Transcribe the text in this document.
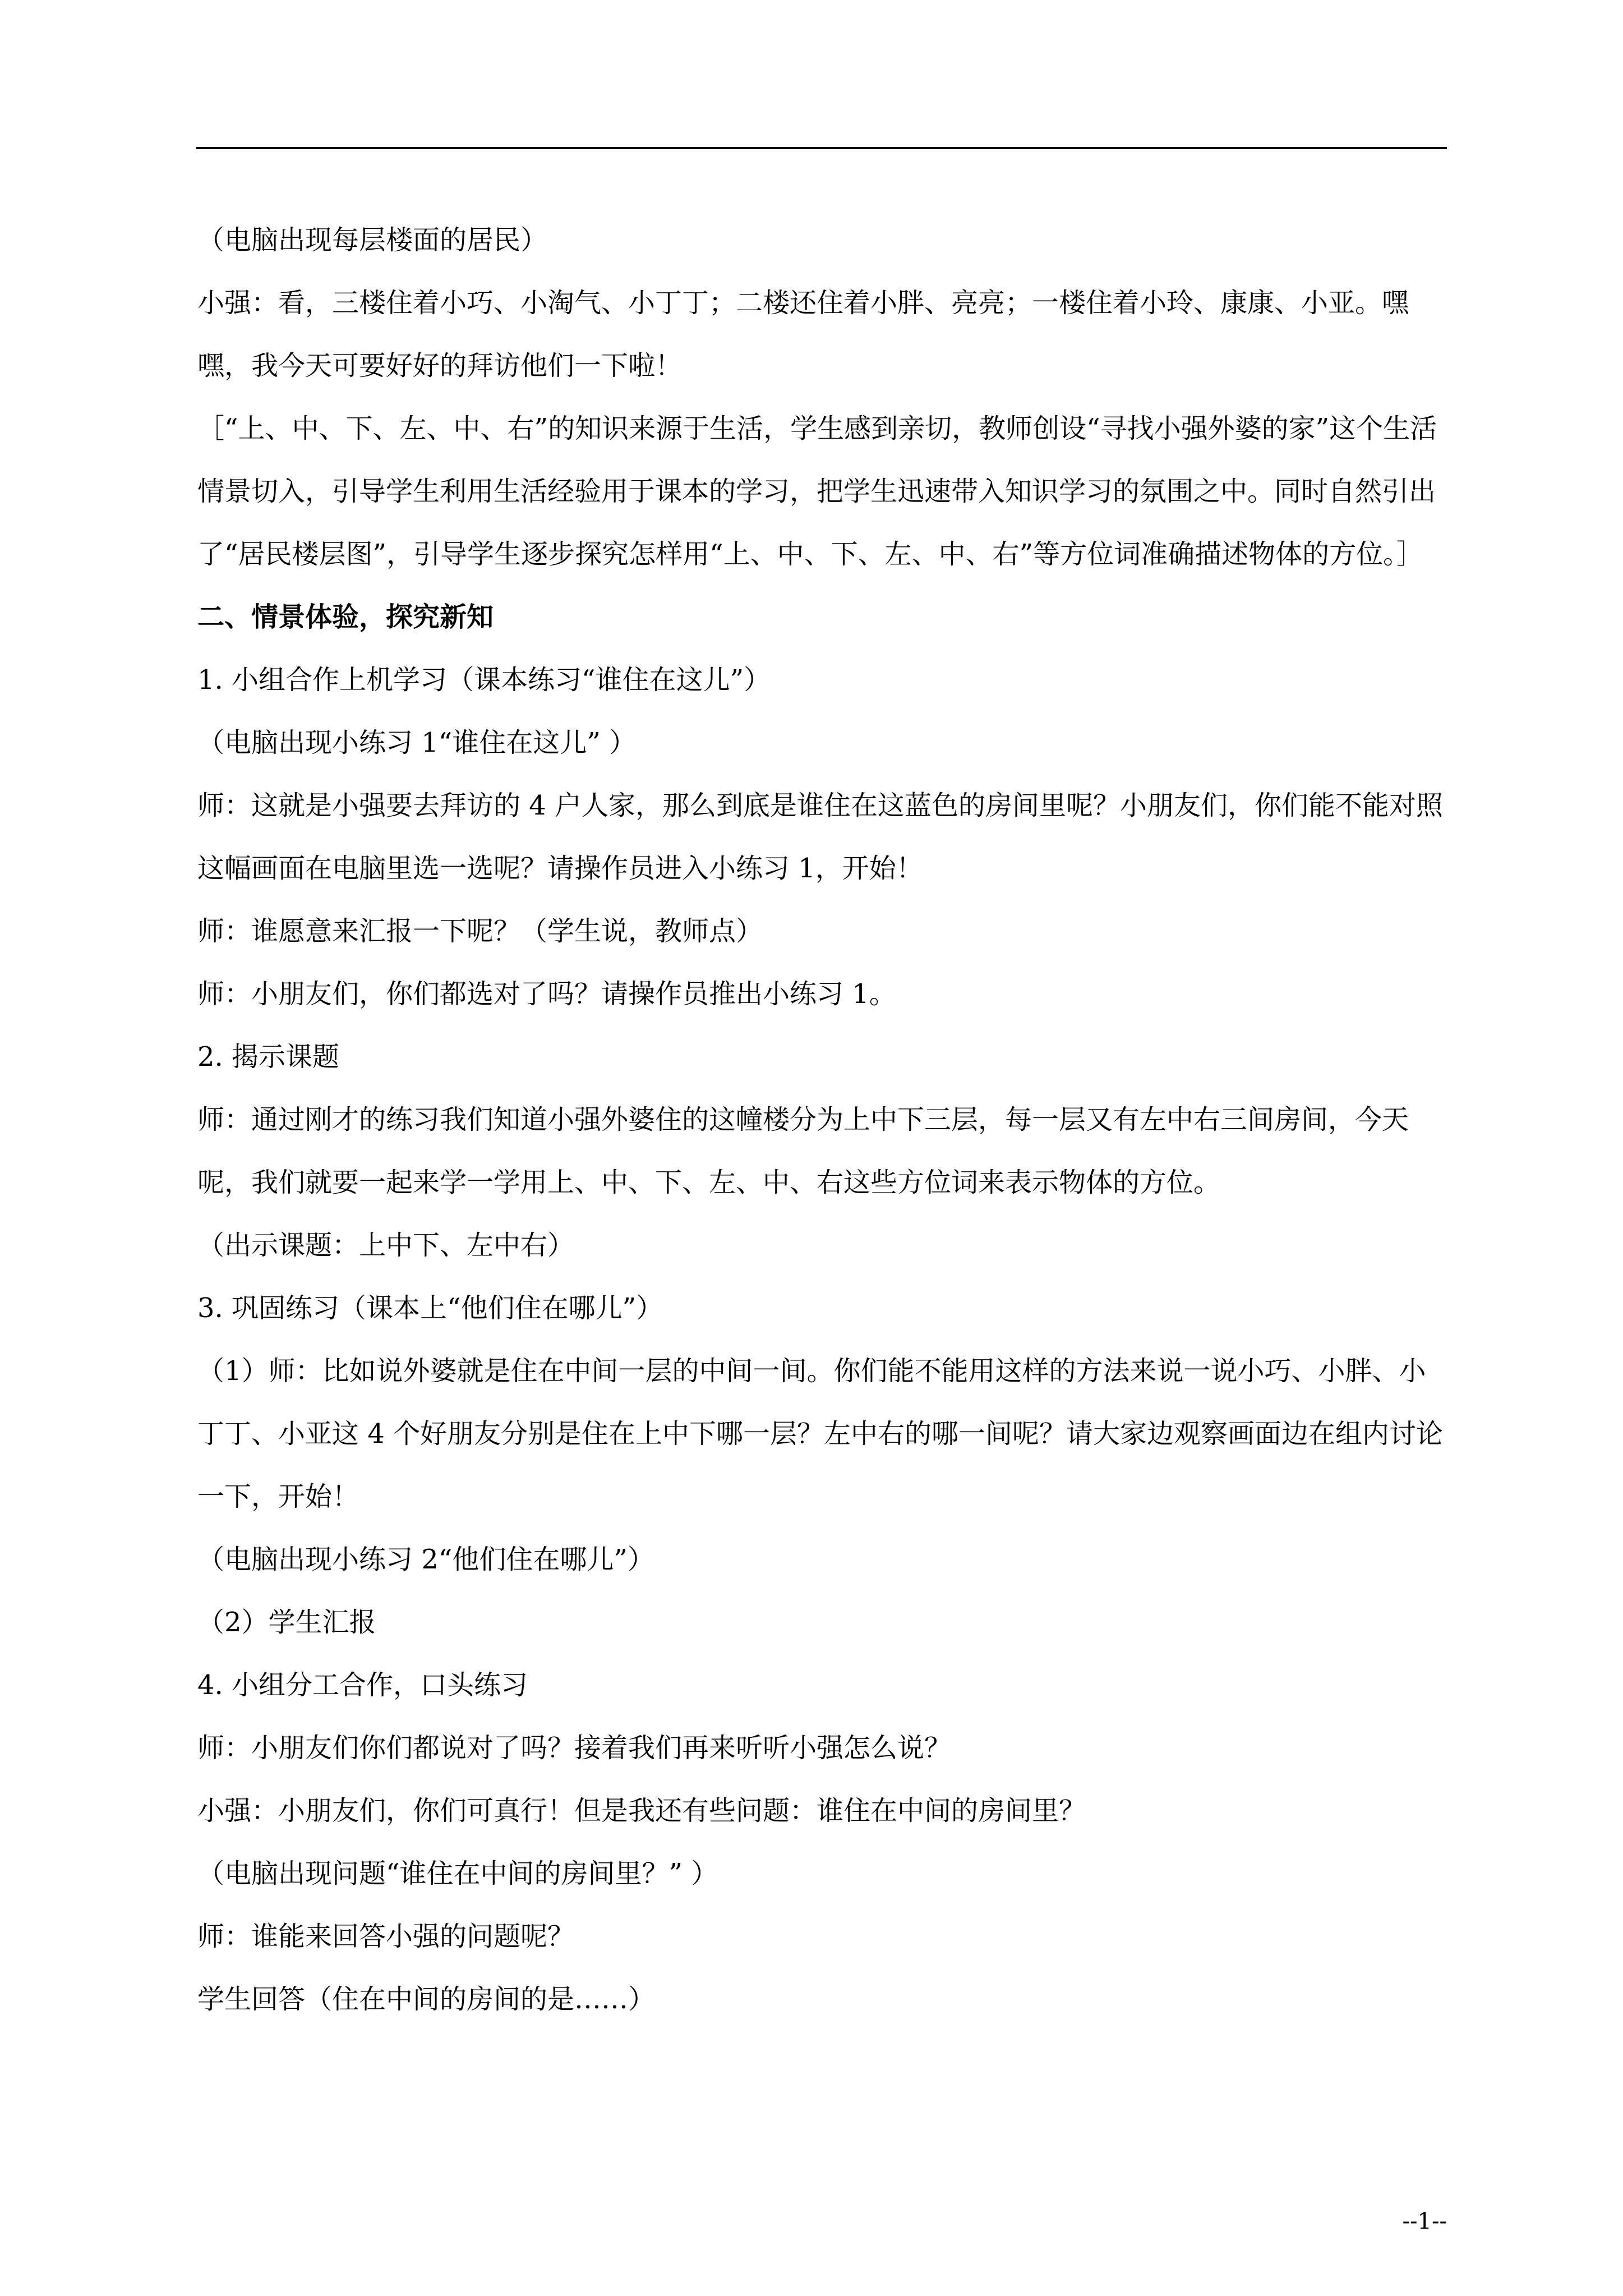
（电脑出现每层楼面的居民）

小强：看，三楼住着小巧、小淘气、小丁丁；二楼还住着小胖、亮亮；一楼住着小玲、康康、小亚。嘿嘿，我今天可要好好的拜访他们一下啦！

［“上、中、下、左、中、右”的知识来源于生活，学生感到亲切，教师创设“寻找小强外婆的家”这个生活情景切入，引导学生利用生活经验用于课本的学习，把学生迅速带入知识学习的氛围之中。同时自然引出了“居民楼层图”，引导学生逐步探究怎样用“上、中、下、左、中、右”等方位词准确描述物体的方位。］

二、情景体验，探究新知

1. 小组合作上机学习（课本练习“谁住在这儿”）

（电脑出现小练习 1“谁住在这儿” ）

师：这就是小强要去拜访的 4 户人家，那么到底是谁住在这蓝色的房间里呢？小朋友们，你们能不能对照这幅画面在电脑里选一选呢？请操作员进入小练习 1，开始！

师：谁愿意来汇报一下呢？（学生说，教师点）

师：小朋友们，你们都选对了吗？请操作员推出小练习 1。

2. 揭示课题

师：通过刚才的练习我们知道小强外婆住的这幢楼分为上中下三层，每一层又有左中右三间房间，今天呢，我们就要一起来学一学用上、中、下、左、中、右这些方位词来表示物体的方位。

（出示课题：上中下、左中右）

3. 巩固练习（课本上“他们住在哪儿”）

（1）师：比如说外婆就是住在中间一层的中间一间。你们能不能用这样的方法来说一说小巧、小胖、小丁丁、小亚这 4 个好朋友分别是住在上中下哪一层？左中右的哪一间呢？请大家边观察画面边在组内讨论一下，开始！

（电脑出现小练习 2“他们住在哪儿”）

（2）学生汇报

4. 小组分工合作，口头练习

师：小朋友们你们都说对了吗？接着我们再来听听小强怎么说？

小强：小朋友们，你们可真行！但是我还有些问题：谁住在中间的房间里？

（电脑出现问题“谁住在中间的房间里？” ）

师：谁能来回答小强的问题呢？

学生回答（住在中间的房间的是……）

--1--
